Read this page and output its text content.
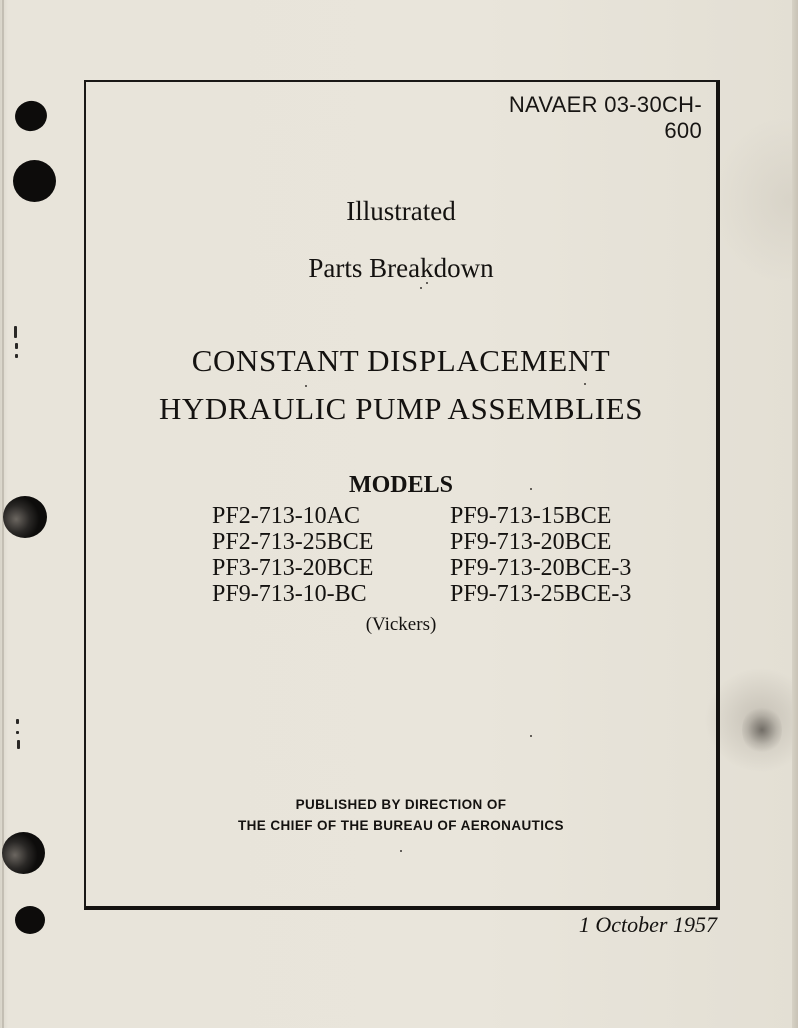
NAVAER 03-30CH-600
Illustrated
Parts Breakdown
CONSTANT DISPLACEMENT
HYDRAULIC PUMP ASSEMBLIES
MODELS
PF2-713-10AC
PF2-713-25BCE
PF3-713-20BCE
PF9-713-10-BC
PF9-713-15BCE
PF9-713-20BCE
PF9-713-20BCE-3
PF9-713-25BCE-3
(Vickers)
PUBLISHED BY DIRECTION OF
THE CHIEF OF THE BUREAU OF AERONAUTICS
1 October 1957
